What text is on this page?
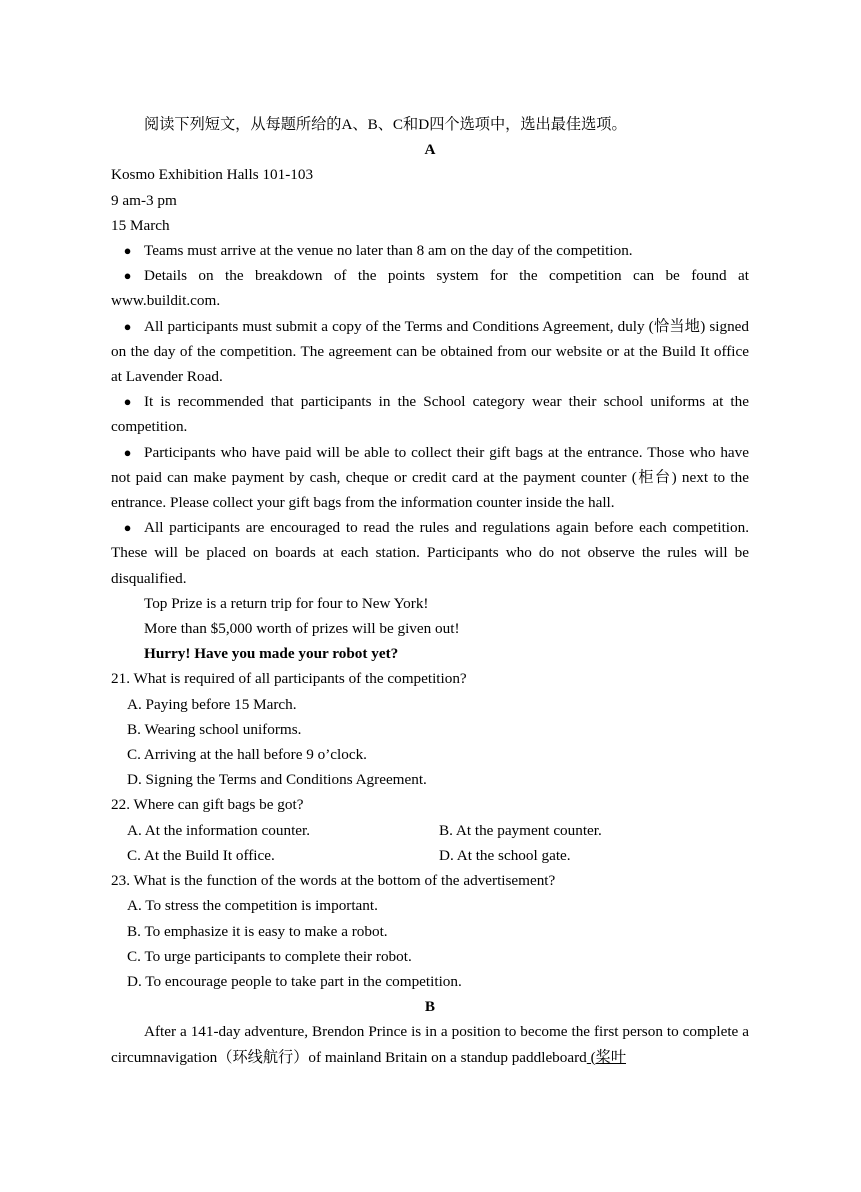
阅读下列短文，从每题所给的A、B、C和D四个选项中，选出最佳选项。

A

Kosmo Exhibition Halls 101-103

9 am-3 pm

15 March

● Teams must arrive at the venue no later than 8 am on the day of the competition.

● Details on the breakdown of the points system for the competition can be found at www.buildit.com.

● All participants must submit a copy of the Terms and Conditions Agreement, duly (恰当地) signed on the day of the competition. The agreement can be obtained from our website or at the Build It office at Lavender Road.

● It is recommended that participants in the School category wear their school uniforms at the competition.

● Participants who have paid will be able to collect their gift bags at the entrance. Those who have not paid can make payment by cash, cheque or credit card at the payment counter (柜台) next to the entrance. Please collect your gift bags from the information counter inside the hall.

● All participants are encouraged to read the rules and regulations again before each competition. These will be placed on boards at each station. Participants who do not observe the rules will be disqualified.

Top Prize is a return trip for four to New York!

More than $5,000 worth of prizes will be given out!

Hurry! Have you made your robot yet?

21. What is required of all participants of the competition?

A. Paying before 15 March.

B. Wearing school uniforms.

C. Arriving at the hall before 9 o’clock.

D. Signing the Terms and Conditions Agreement.

22. Where can gift bags be got?

A. At the information counter.	B. At the payment counter.
C. At the Build It office.	D. At the school gate.

23. What is the function of the words at the bottom of the advertisement?

A. To stress the competition is important.

B. To emphasize it is easy to make a robot.

C. To urge participants to complete their robot.

D. To encourage people to take part in the competition.

B

After a 141-day adventure, Brendon Prince is in a position to become the first person to complete a circumnavigation（环线航行）of mainland Britain on a standup paddleboard (桨叶
